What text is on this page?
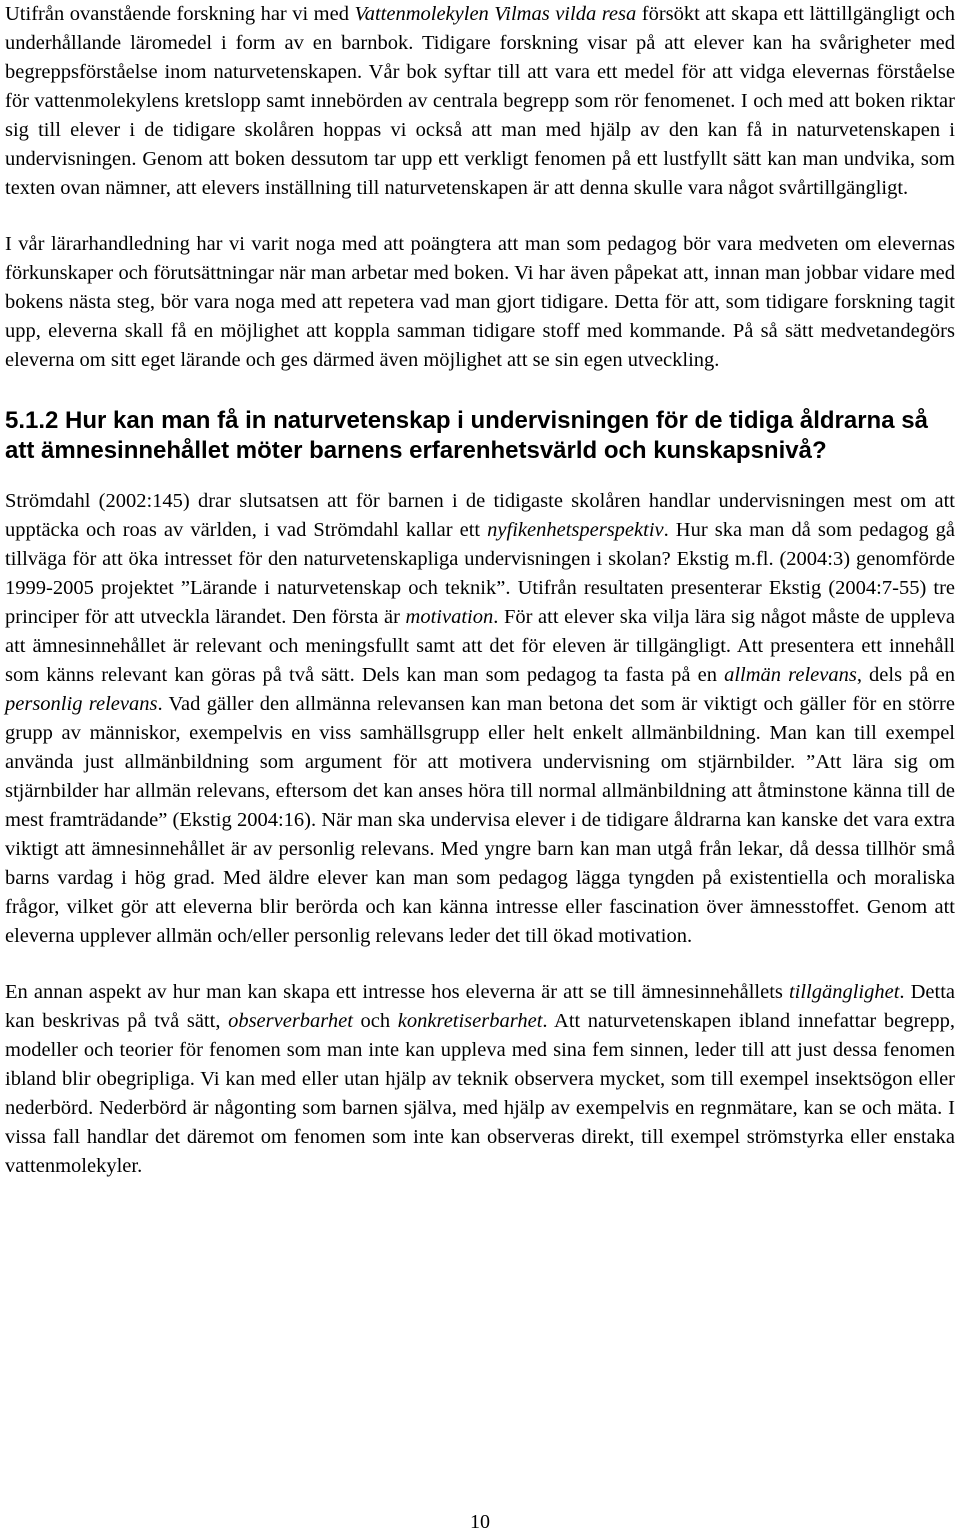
Utifrån ovanstående forskning har vi med Vattenmolekylen Vilmas vilda resa försökt att skapa ett lättillgängligt och underhållande läromedel i form av en barnbok. Tidigare forskning visar på att elever kan ha svårigheter med begreppsförståelse inom naturvetenskapen. Vår bok syftar till att vara ett medel för att vidga elevernas förståelse för vattenmolekylens kretslopp samt innebörden av centrala begrepp som rör fenomenet. I och med att boken riktar sig till elever i de tidigare skolåren hoppas vi också att man med hjälp av den kan få in naturvetenskapen i undervisningen. Genom att boken dessutom tar upp ett verkligt fenomen på ett lustfyllt sätt kan man undvika, som texten ovan nämner, att elevers inställning till naturvetenskapen är att denna skulle vara något svårtillgängligt.

I vår lärarhandledning har vi varit noga med att poängtera att man som pedagog bör vara medveten om elevernas förkunskaper och förutsättningar när man arbetar med boken. Vi har även påpekat att, innan man jobbar vidare med bokens nästa steg, bör vara noga med att repetera vad man gjort tidigare. Detta för att, som tidigare forskning tagit upp, eleverna skall få en möjlighet att koppla samman tidigare stoff med kommande. På så sätt medvetandegörs eleverna om sitt eget lärande och ges därmed även möjlighet att se sin egen utveckling.

5.1.2 Hur kan man få in naturvetenskap i undervisningen för de tidiga åldrarna så att ämnesinnehållet möter barnens erfarenhetsvärld och kunskapsnivå?

Strömdahl (2002:145) drar slutsatsen att för barnen i de tidigaste skolåren handlar undervisningen mest om att upptäcka och roas av världen, i vad Strömdahl kallar ett nyfikenhetsperspektiv. Hur ska man då som pedagog gå tillväga för att öka intresset för den naturvetenskapliga undervisningen i skolan? Ekstig m.fl. (2004:3) genomförde 1999-2005 projektet ”Lärande i naturvetenskap och teknik”. Utifrån resultaten presenterar Ekstig (2004:7-55) tre principer för att utveckla lärandet. Den första är motivation. För att elever ska vilja lära sig något måste de uppleva att ämnesinnehållet är relevant och meningsfullt samt att det för eleven är tillgängligt. Att presentera ett innehåll som känns relevant kan göras på två sätt. Dels kan man som pedagog ta fasta på en allmän relevans, dels på en personlig relevans. Vad gäller den allmänna relevansen kan man betona det som är viktigt och gäller för en större grupp av människor, exempelvis en viss samhällsgrupp eller helt enkelt allmänbildning. Man kan till exempel använda just allmänbildning som argument för att motivera undervisning om stjärnbilder. ”Att lära sig om stjärnbilder har allmän relevans, eftersom det kan anses höra till normal allmänbildning att åtminstone känna till de mest framträdande” (Ekstig 2004:16). När man ska undervisa elever i de tidigare åldrarna kan kanske det vara extra viktigt att ämnesinnehållet är av personlig relevans. Med yngre barn kan man utgå från lekar, då dessa tillhör små barns vardag i hög grad. Med äldre elever kan man som pedagog lägga tyngden på existentiella och moraliska frågor, vilket gör att eleverna blir berörda och kan känna intresse eller fascination över ämnesstoffet. Genom att eleverna upplever allmän och/eller personlig relevans leder det till ökad motivation.

En annan aspekt av hur man kan skapa ett intresse hos eleverna är att se till ämnesinnehållets tillgänglighet. Detta kan beskrivas på två sätt, observerbarhet och konkretiserbarhet. Att naturvetenskapen ibland innefattar begrepp, modeller och teorier för fenomen som man inte kan uppleva med sina fem sinnen, leder till att just dessa fenomen ibland blir obegripliga. Vi kan med eller utan hjälp av teknik observera mycket, som till exempel insektsögon eller nederbörd. Nederbörd är någonting som barnen själva, med hjälp av exempelvis en regnmätare, kan se och mäta. I vissa fall handlar det däremot om fenomen som inte kan observeras direkt, till exempel strömstyrka eller enstaka vattenmolekyler.

10
